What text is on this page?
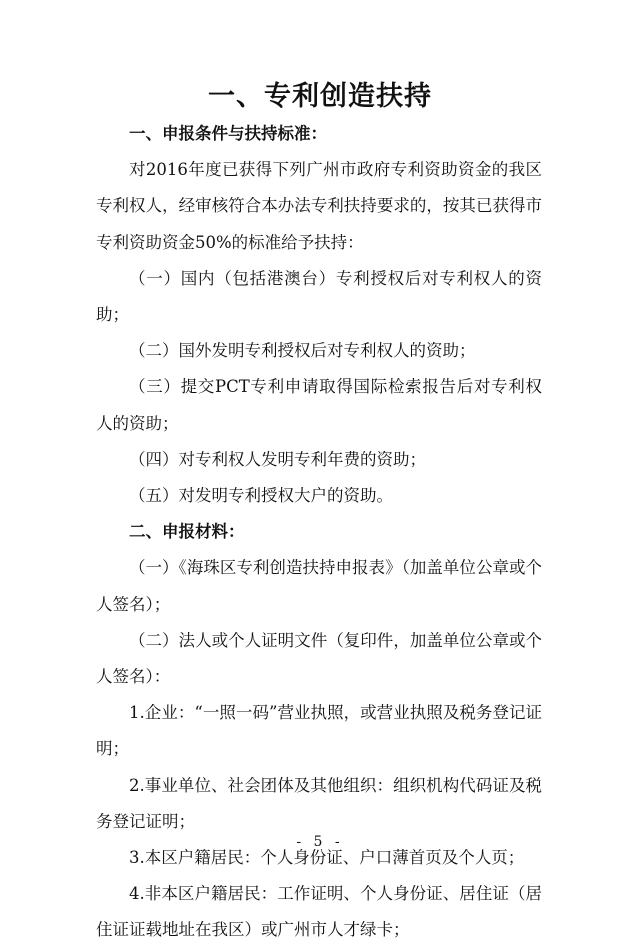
一、专利创造扶持

一、申报条件与扶持标准：

对2016年度已获得下列广州市政府专利资助资金的我区专利权人，经审核符合本办法专利扶持要求的，按其已获得市专利资助资金50%的标准给予扶持：

（一）国内（包括港澳台）专利授权后对专利权人的资助；

（二）国外发明专利授权后对专利权人的资助；

（三）提交PCT专利申请取得国际检索报告后对专利权人的资助；

（四）对专利权人发明专利年费的资助；

（五）对发明专利授权大户的资助。

二、申报材料：

（一）《海珠区专利创造扶持申报表》（加盖单位公章或个人签名）；

（二）法人或个人证明文件（复印件，加盖单位公章或个人签名）：

1.企业：“一照一码”营业执照，或营业执照及税务登记证明；

2.事业单位、社会团体及其他组织：组织机构代码证及税务登记证明；

3.本区户籍居民：个人身份证、户口薄首页及个人页；

4.非本区户籍居民：工作证明、个人身份证、居住证（居住证证载地址在我区）或广州市人才绿卡；

- 5 -
